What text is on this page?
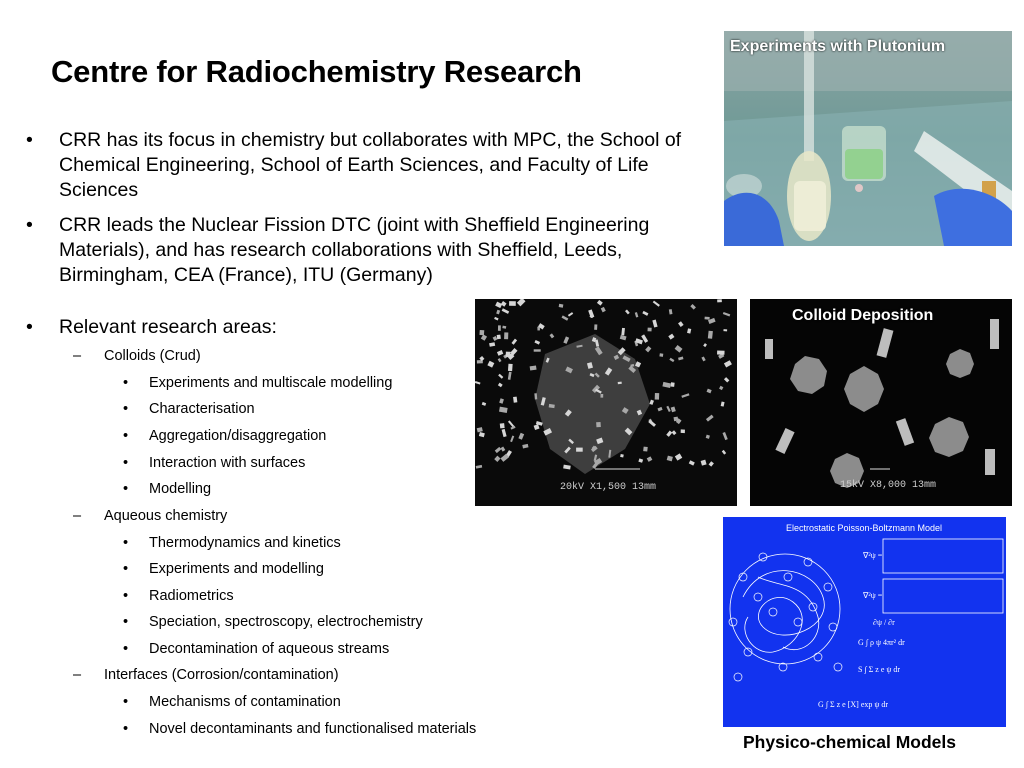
Centre for Radiochemistry Research
• CRR has its focus in chemistry but collaborates with MPC, the School of Chemical Engineering, School of Earth Sciences, and Faculty of Life Sciences
• CRR leads the Nuclear Fission DTC (joint with Sheffield Engineering Materials), and has research collaborations with Sheffield, Leeds, Birmingham, CEA (France), ITU (Germany)
• Relevant research areas:
– Colloids (Crud)
• Experiments and multiscale modelling
• Characterisation
• Aggregation/disaggregation
• Interaction with surfaces
• Modelling
– Aqueous chemistry
• Thermodynamics and kinetics
• Experiments and modelling
• Radiometrics
• Speciation, spectroscopy, electrochemistry
• Decontamination of aqueous streams
– Interfaces (Corrosion/contamination)
• Mechanisms of contamination
• Novel decontaminants and functionalised materials
Experiments with Plutonium
20kV X1,500 13mm	15kV X8,000 13mm
Colloid Deposition
Electrostatic Poisson-Boltzmann Model
∇²ψ =
∇²ψ =
∂ψ / ∂r
G ∫ ρ ψ 4πr² dr
S ∫ Σ z e ψ dr
G ∫ Σ z e [X] exp ψ dr
Physico-chemical Models
